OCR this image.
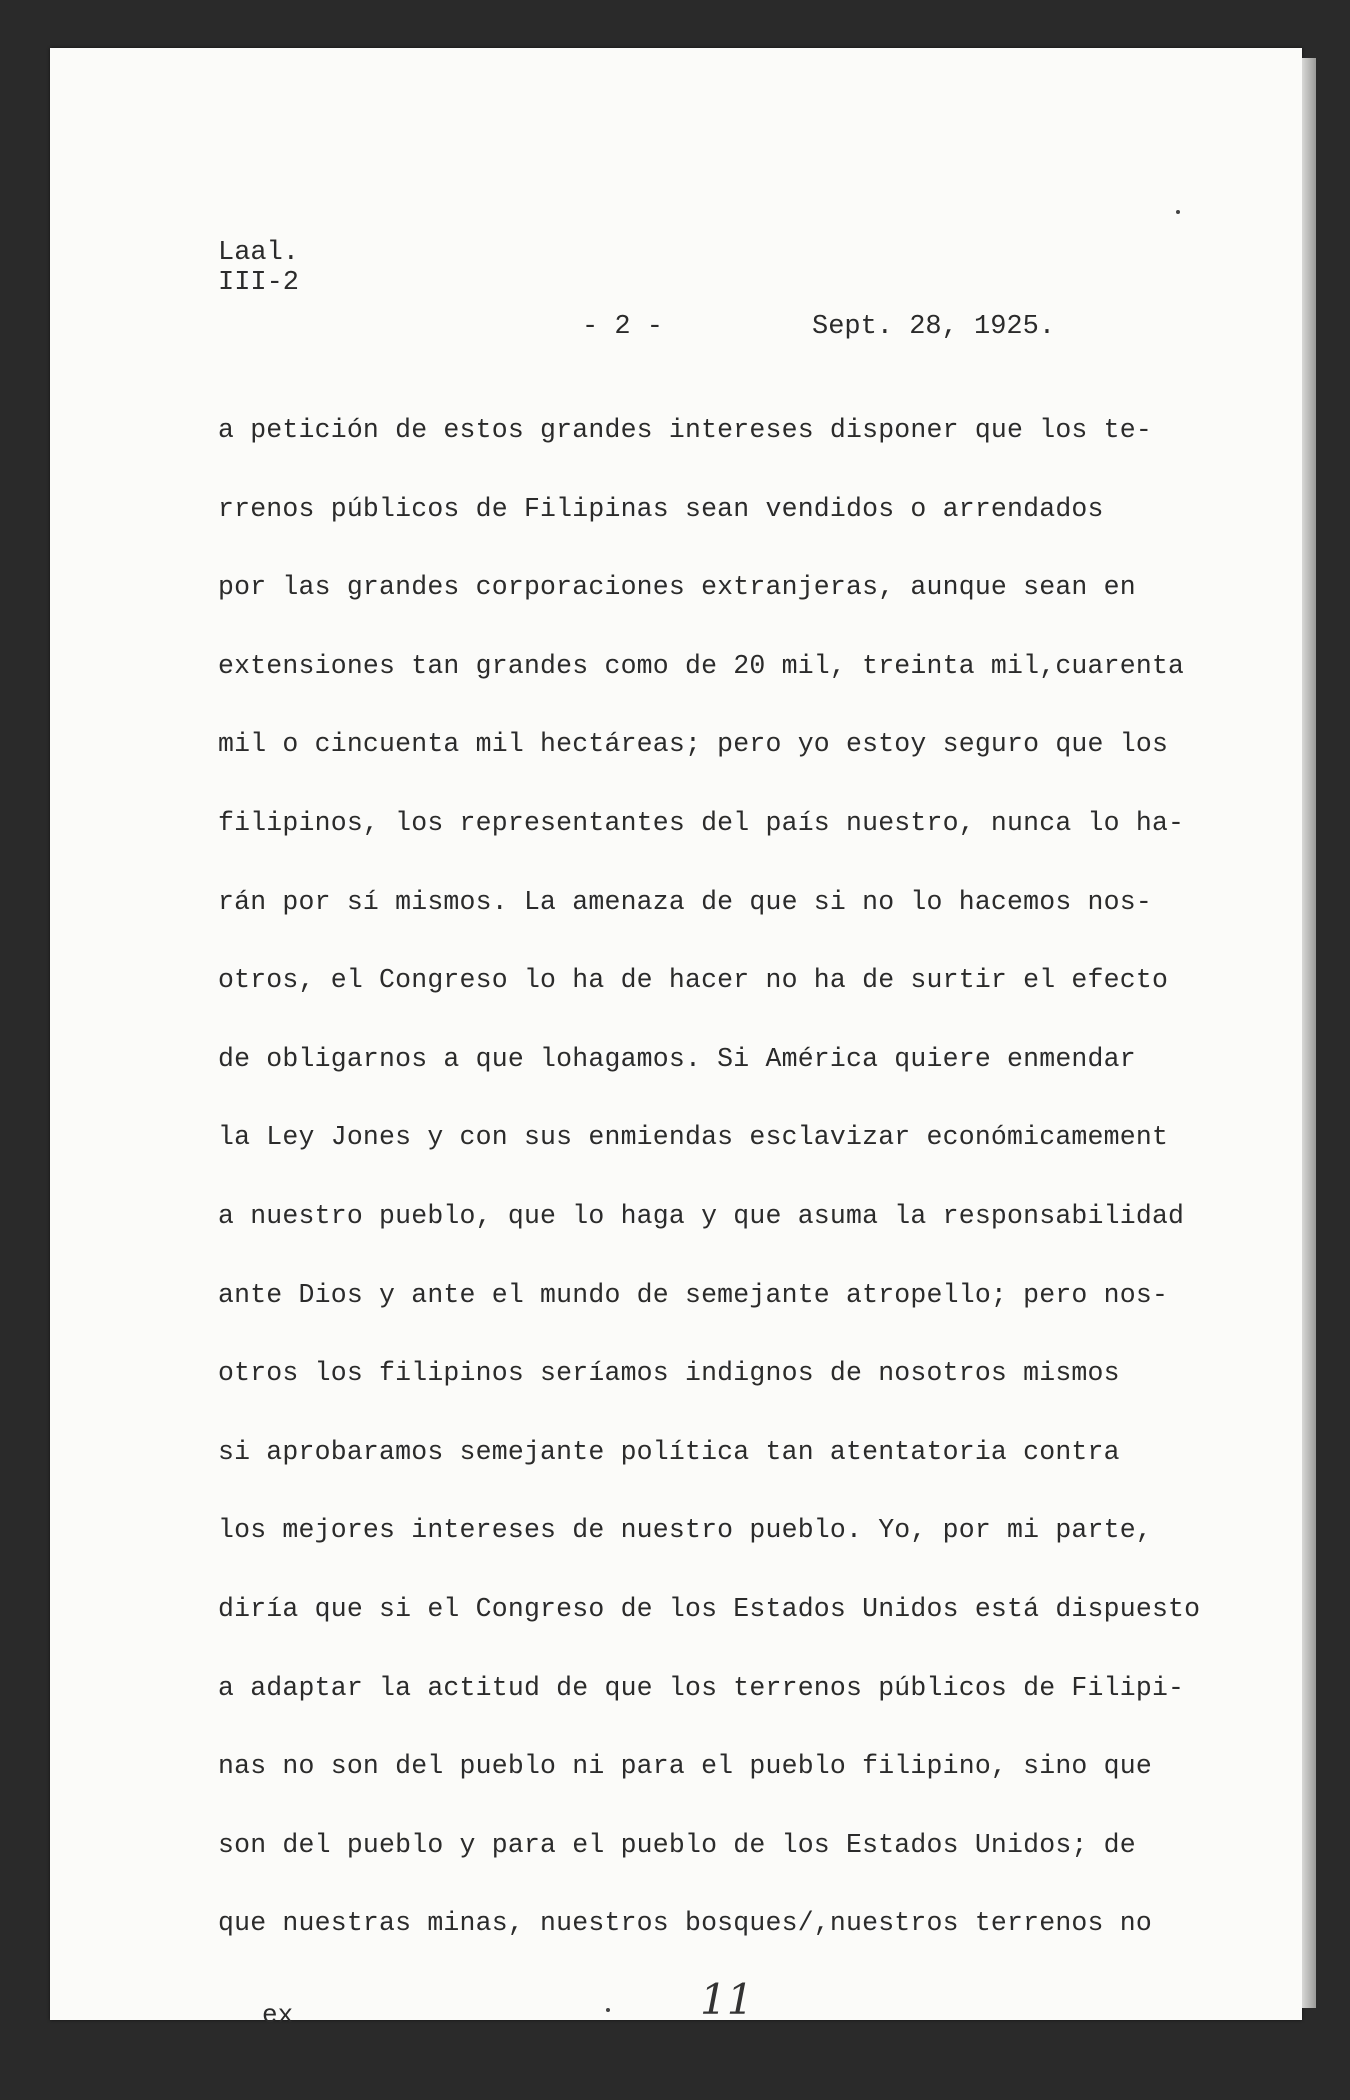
Laal.
III-2
- 2 -	Sept. 28, 1925.
a petición de estos grandes intereses disponer que los te-
rrenos públicos de Filipinas sean vendidos o arrendados
por las grandes corporaciones extranjeras, aunque sean en
extensiones tan grandes como de 20 mil, treinta mil,cuarenta
mil o cincuenta mil hectáreas; pero yo estoy seguro que los
filipinos, los representantes del país nuestro, nunca lo ha-
rán por sí mismos. La amenaza de que si no lo hacemos nos-
otros, el Congreso lo ha de hacer no ha de surtir el efecto
de obligarnos a que lohagamos. Si América quiere enmendar
la Ley Jones y con sus enmiendas esclavizar económicamement
a nuestro pueblo, que lo haga y que asuma la responsabilidad
ante Dios y ante el mundo de semejante atropello; pero nos-
otros los filipinos seríamos indignos de nosotros mismos
si aprobaramos semejante política tan atentatoria contra
los mejores intereses de nuestro pueblo. Yo, por mi parte,
diría que si el Congreso de los Estados Unidos está dispuesto
a adaptar la actitud de que los terrenos públicos de Filipi-
nas no son del pueblo ni para el pueblo filipino, sino que
son del pueblo y para el pueblo de los Estados Unidos; de
que nuestras minas, nuestros bosques/,nuestros terrenos no
ex	11
